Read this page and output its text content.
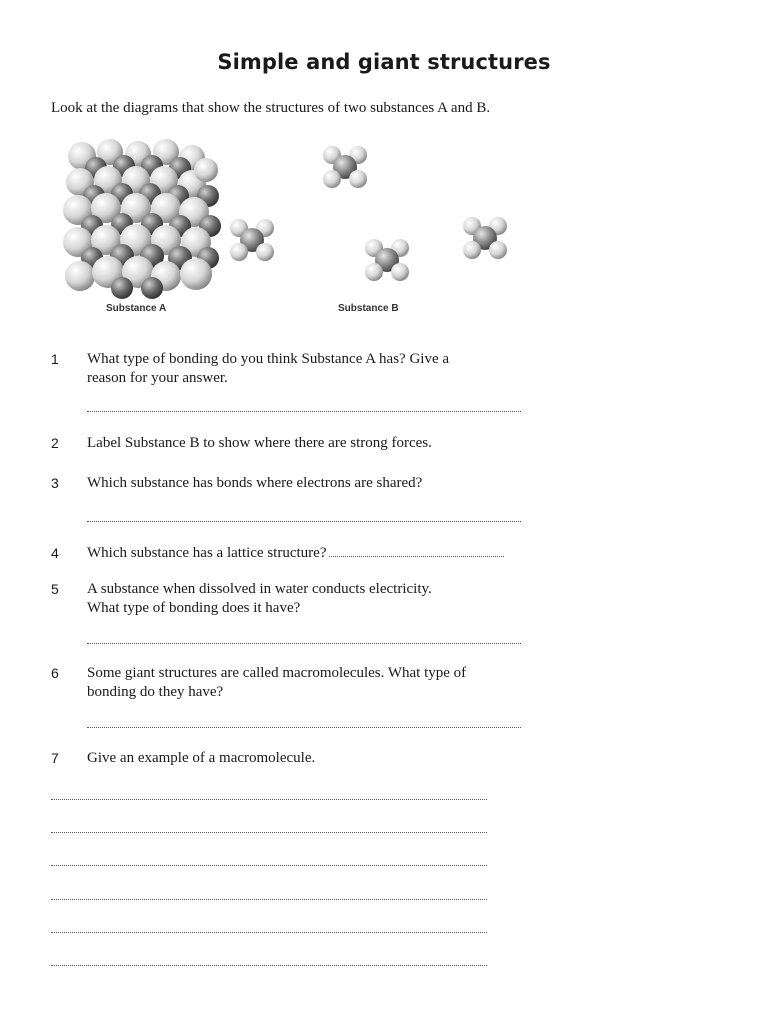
Simple and giant structures
Look at the diagrams that show the structures of two substances A and B.
Substance A	Substance B
1	What type of bonding do you think Substance A has? Give a
reason for your answer.
2	Label Substance B to show where there are strong forces.
3	Which substance has bonds where electrons are shared?
4	Which substance has a lattice structure?
5	A substance when dissolved in water conducts electricity.
What type of bonding does it have?
6	Some giant structures are called macromolecules. What type of
bonding do they have?
7	Give an example of a macromolecule.
